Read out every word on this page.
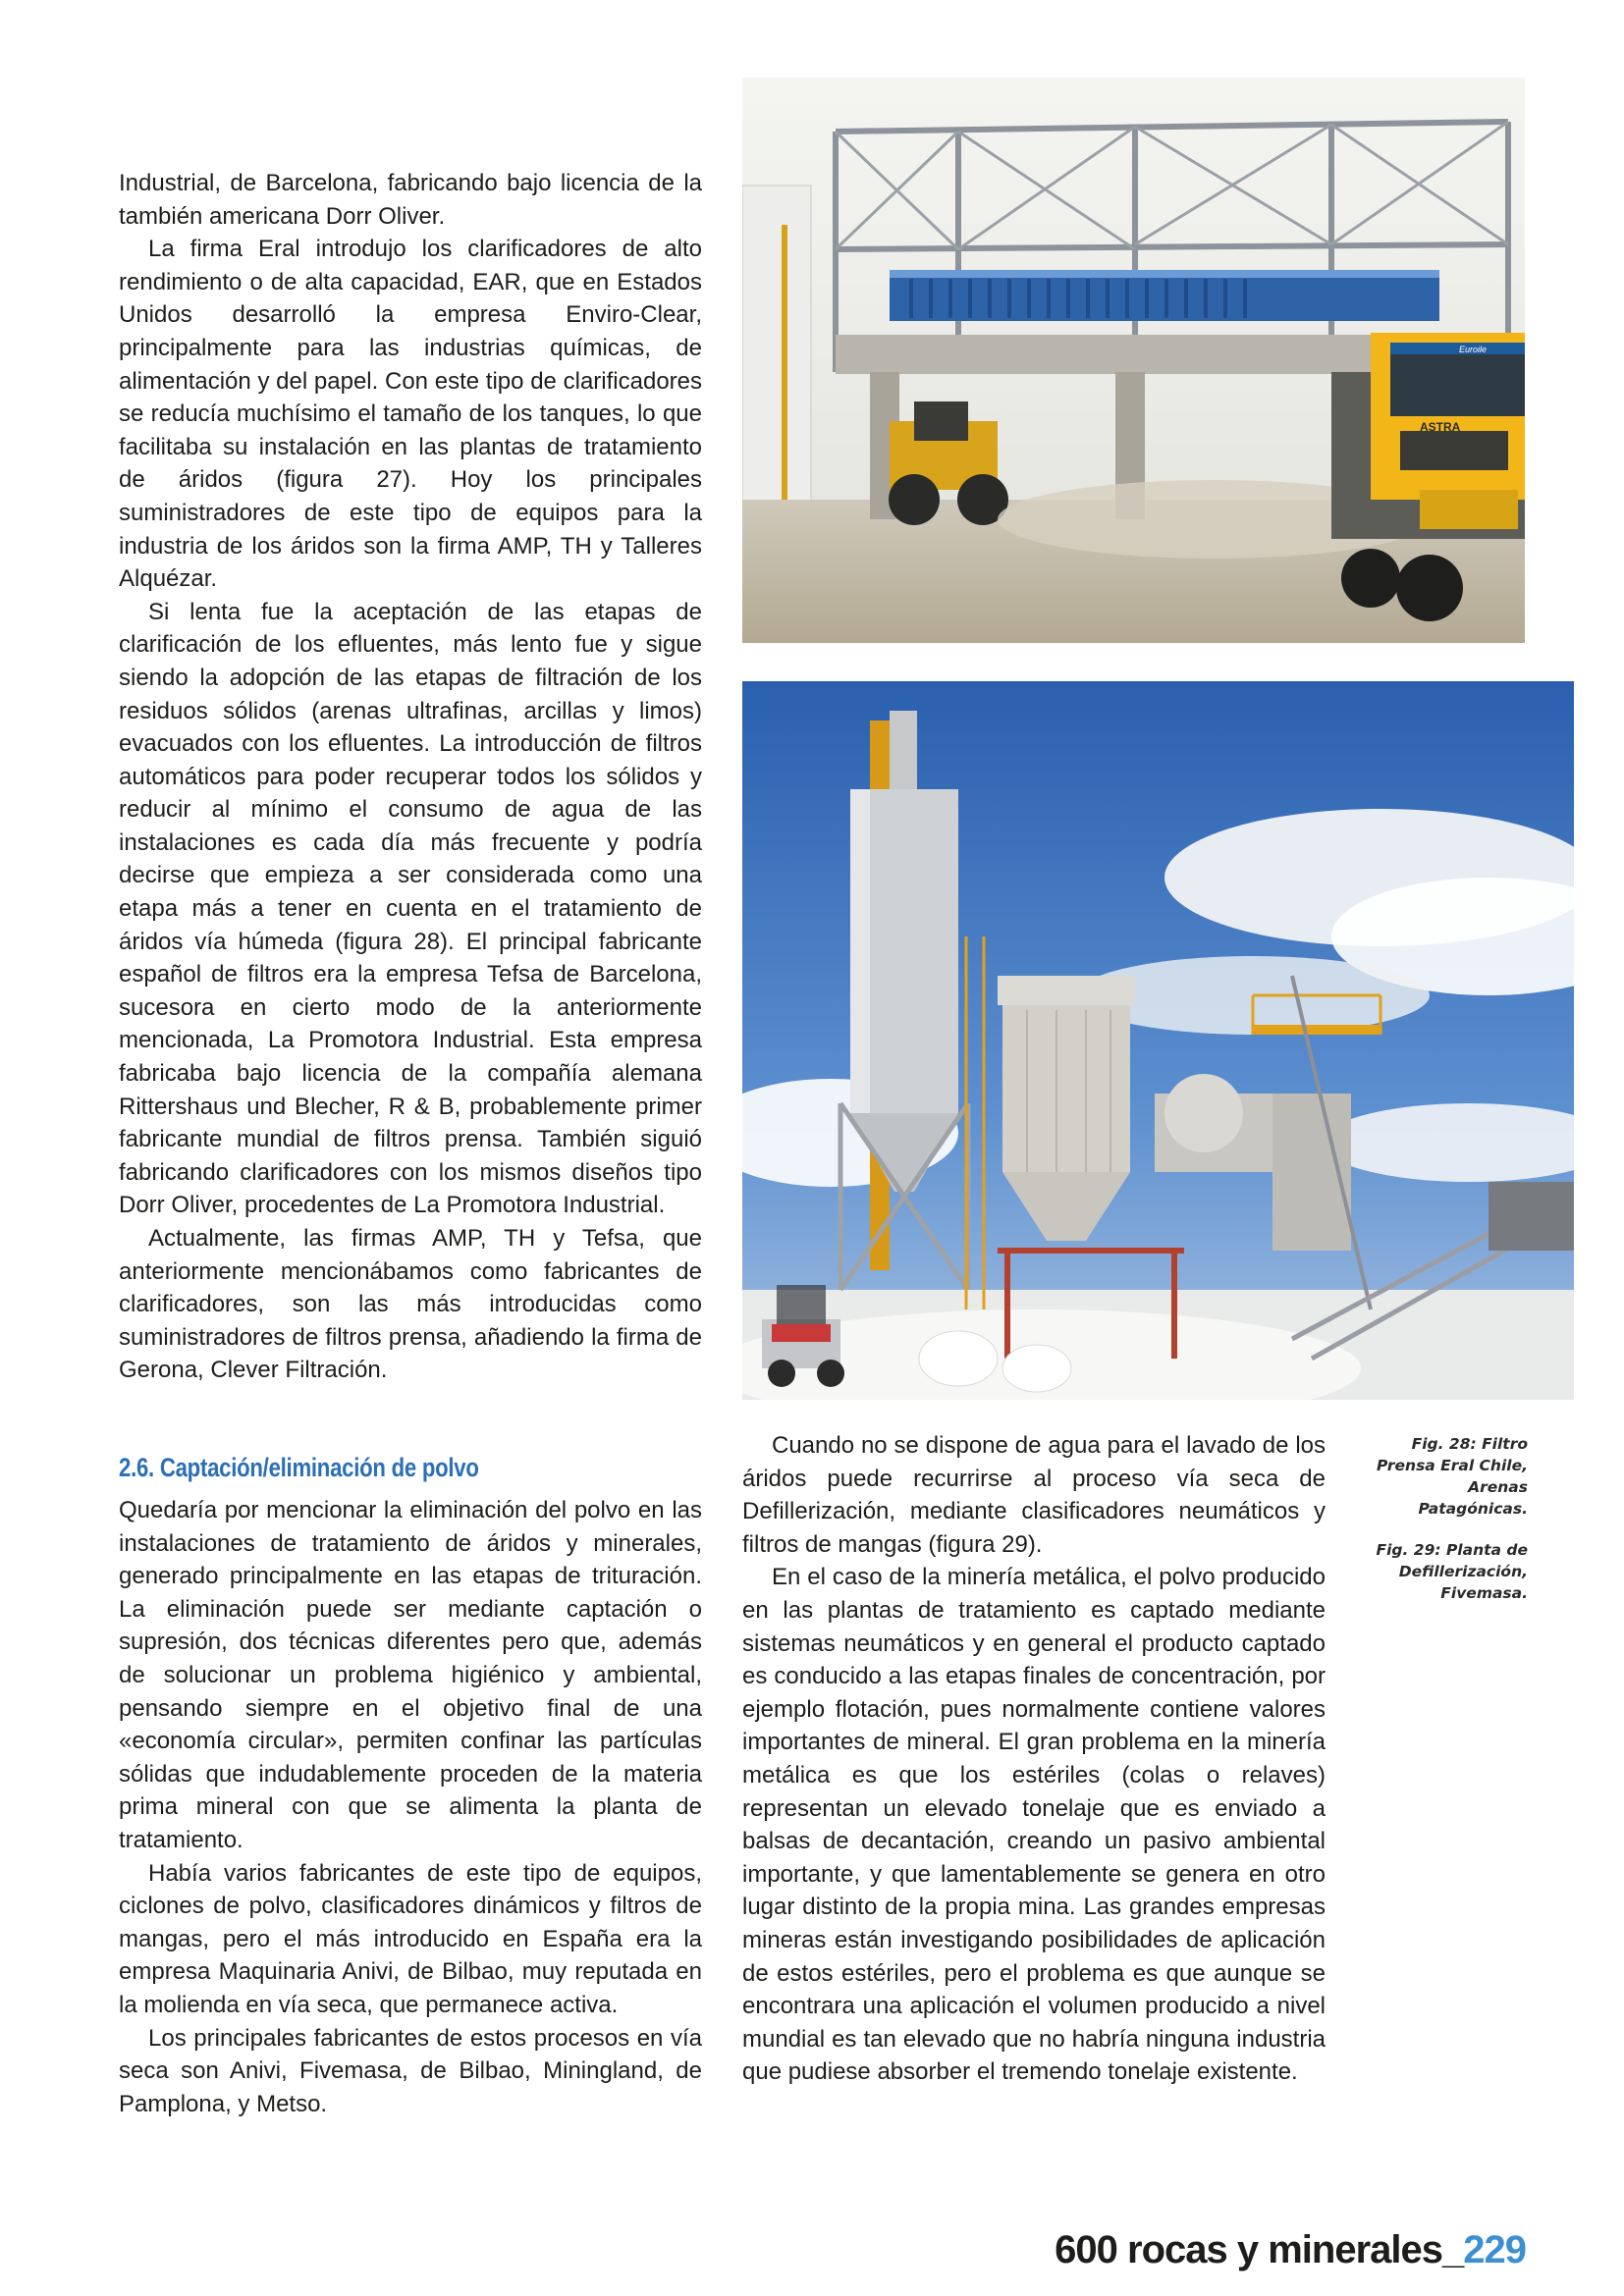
Industrial, de Barcelona, fabricando bajo licencia de la también americana Dorr Oliver.

La firma Eral introdujo los clarificadores de alto rendimiento o de alta capacidad, EAR, que en Estados Unidos desarrolló la empresa Enviro-Clear, principalmente para las industrias químicas, de alimentación y del papel. Con este tipo de clarificadores se reducía muchísimo el tamaño de los tanques, lo que facilitaba su instalación en las plantas de tratamiento de áridos (figura 27). Hoy los principales suministradores de este tipo de equipos para la industria de los áridos son la firma AMP, TH y Talleres Alquézar.

Si lenta fue la aceptación de las etapas de clarificación de los efluentes, más lento fue y sigue siendo la adopción de las etapas de filtración de los residuos sólidos (arenas ultrafinas, arcillas y limos) evacuados con los efluentes. La introducción de filtros automáticos para poder recuperar todos los sólidos y reducir al mínimo el consumo de agua de las instalaciones es cada día más frecuente y podría decirse que empieza a ser considerada como una etapa más a tener en cuenta en el tratamiento de áridos vía húmeda (figura 28). El principal fabricante español de filtros era la empresa Tefsa de Barcelona, sucesora en cierto modo de la anteriormente mencionada, La Promotora Industrial. Esta empresa fabricaba bajo licencia de la compañía alemana Rittershaus und Blecher, R & B, probablemente primer fabricante mundial de filtros prensa. También siguió fabricando clarificadores con los mismos diseños tipo Dorr Oliver, procedentes de La Promotora Industrial.

Actualmente, las firmas AMP, TH y Tefsa, que anteriormente mencionábamos como fabricantes de clarificadores, son las más introducidas como suministradores de filtros prensa, añadiendo la firma de Gerona, Clever Filtración.

2.6. Captación/eliminación de polvo

Quedaría por mencionar la eliminación del polvo en las instalaciones de tratamiento de áridos y minerales, generado principalmente en las etapas de trituración. La eliminación puede ser mediante captación o supresión, dos técnicas diferentes pero que, además de solucionar un problema higiénico y ambiental, pensando siempre en el objetivo final de una «economía circular», permiten confinar las partículas sólidas que indudablemente proceden de la materia prima mineral con que se alimenta la planta de tratamiento.

Había varios fabricantes de este tipo de equipos, ciclones de polvo, clasificadores dinámicos y filtros de mangas, pero el más introducido en España era la empresa Maquinaria Anivi, de Bilbao, muy reputada en la molienda en vía seca, que permanece activa.

Los principales fabricantes de estos procesos en vía seca son Anivi, Fivemasa, de Bilbao, Miningland, de Pamplona, y Metso.

Cuando no se dispone de agua para el lavado de los áridos puede recurrirse al proceso vía seca de Defillerización, mediante clasificadores neumáticos y filtros de mangas (figura 29).

En el caso de la minería metálica, el polvo producido en las plantas de tratamiento es captado mediante sistemas neumáticos y en general el producto captado es conducido a las etapas finales de concentración, por ejemplo flotación, pues normalmente contiene valores importantes de mineral. El gran problema en la minería metálica es que los estériles (colas o relaves) representan un elevado tonelaje que es enviado a balsas de decantación, creando un pasivo ambiental importante, y que lamentablemente se genera en otro lugar distinto de la propia mina. Las grandes empresas mineras están investigando posibilidades de aplicación de estos estériles, pero el problema es que aunque se encontrara una aplicación el volumen producido a nivel mundial es tan elevado que no habría ninguna industria que pudiese absorber el tremendo tonelaje existente.

Euroile
ASTRA

Fig. 28: Filtro Prensa Eral Chile, Arenas Patagónicas.

Fig. 29: Planta de Defillerización, Fivemasa.

600 rocas y minerales_229
